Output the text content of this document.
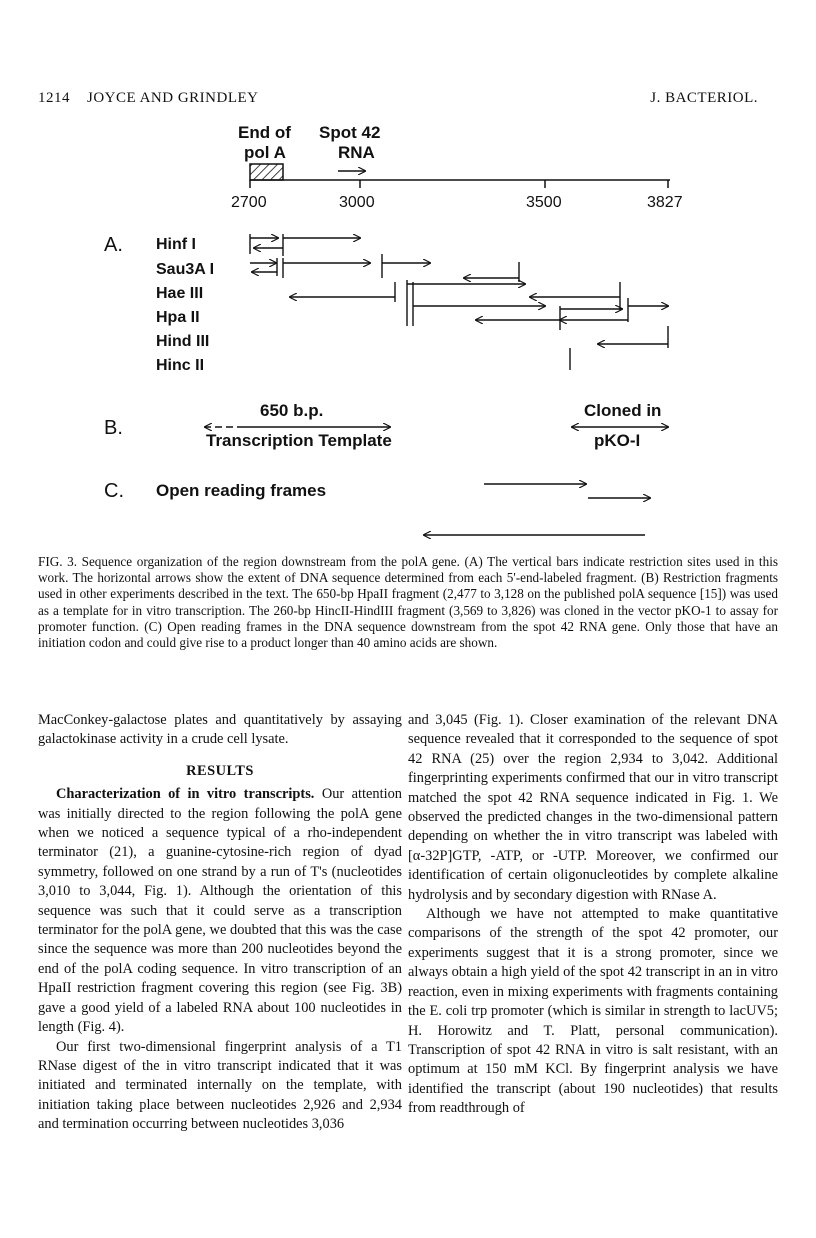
1214 JOYCE AND GRINDLEY	J. BACTERIOL.
End of
pol A
Spot 42
RNA
2700	3000	3500	3827
A. Hinf I
Sau3A I
Hae III
Hpa II
Hind III
Hinc II
B.
650 b.p.
Transcription Template
Cloned in
pKO-I
C. Open reading frames
FIG. 3. Sequence organization of the region downstream from the polA gene. (A) The vertical bars indicate restriction sites used in this work. The horizontal arrows show the extent of DNA sequence determined from each 5'-end-labeled fragment. (B) Restriction fragments used in other experiments described in the text. The 650-bp HpaII fragment (2,477 to 3,128 on the published polA sequence [15]) was used as a template for in vitro transcription. The 260-bp HincII-HindIII fragment (3,569 to 3,826) was cloned in the vector pKO-1 to assay for promoter function. (C) Open reading frames in the DNA sequence downstream from the spot 42 RNA gene. Only those that have an initiation codon and could give rise to a product longer than 40 amino acids are shown.

MacConkey-galactose plates and quantitatively by assaying galactokinase activity in a crude cell lysate.

RESULTS

Characterization of in vitro transcripts. Our attention was initially directed to the region following the polA gene when we noticed a sequence typical of a rho-independent terminator (21), a guanine-cytosine-rich region of dyad symmetry, followed on one strand by a run of T's (nucleotides 3,010 to 3,044, Fig. 1). Although the orientation of this sequence was such that it could serve as a transcription terminator for the polA gene, we doubted that this was the case since the sequence was more than 200 nucleotides beyond the end of the polA coding sequence. In vitro transcription of an HpaII restriction fragment covering this region (see Fig. 3B) gave a good yield of a labeled RNA about 100 nucleotides in length (Fig. 4).

Our first two-dimensional fingerprint analysis of a T1 RNase digest of the in vitro transcript indicated that it was initiated and terminated internally on the template, with initiation taking place between nucleotides 2,926 and 2,934 and termination occurring between nucleotides 3,036

and 3,045 (Fig. 1). Closer examination of the relevant DNA sequence revealed that it corresponded to the sequence of spot 42 RNA (25) over the region 2,934 to 3,042. Additional fingerprinting experiments confirmed that our in vitro transcript matched the spot 42 RNA sequence indicated in Fig. 1. We observed the predicted changes in the two-dimensional pattern depending on whether the in vitro transcript was labeled with [α-32P]GTP, -ATP, or -UTP. Moreover, we confirmed our identification of certain oligonucleotides by complete alkaline hydrolysis and by secondary digestion with RNase A.

Although we have not attempted to make quantitative comparisons of the strength of the spot 42 promoter, our experiments suggest that it is a strong promoter, since we always obtain a high yield of the spot 42 transcript in an in vitro reaction, even in mixing experiments with fragments containing the E. coli trp promoter (which is similar in strength to lacUV5; H. Horowitz and T. Platt, personal communication). Transcription of spot 42 RNA in vitro is salt resistant, with an optimum at 150 mM KCl. By fingerprint analysis we have identified the transcript (about 190 nucleotides) that results from readthrough of
